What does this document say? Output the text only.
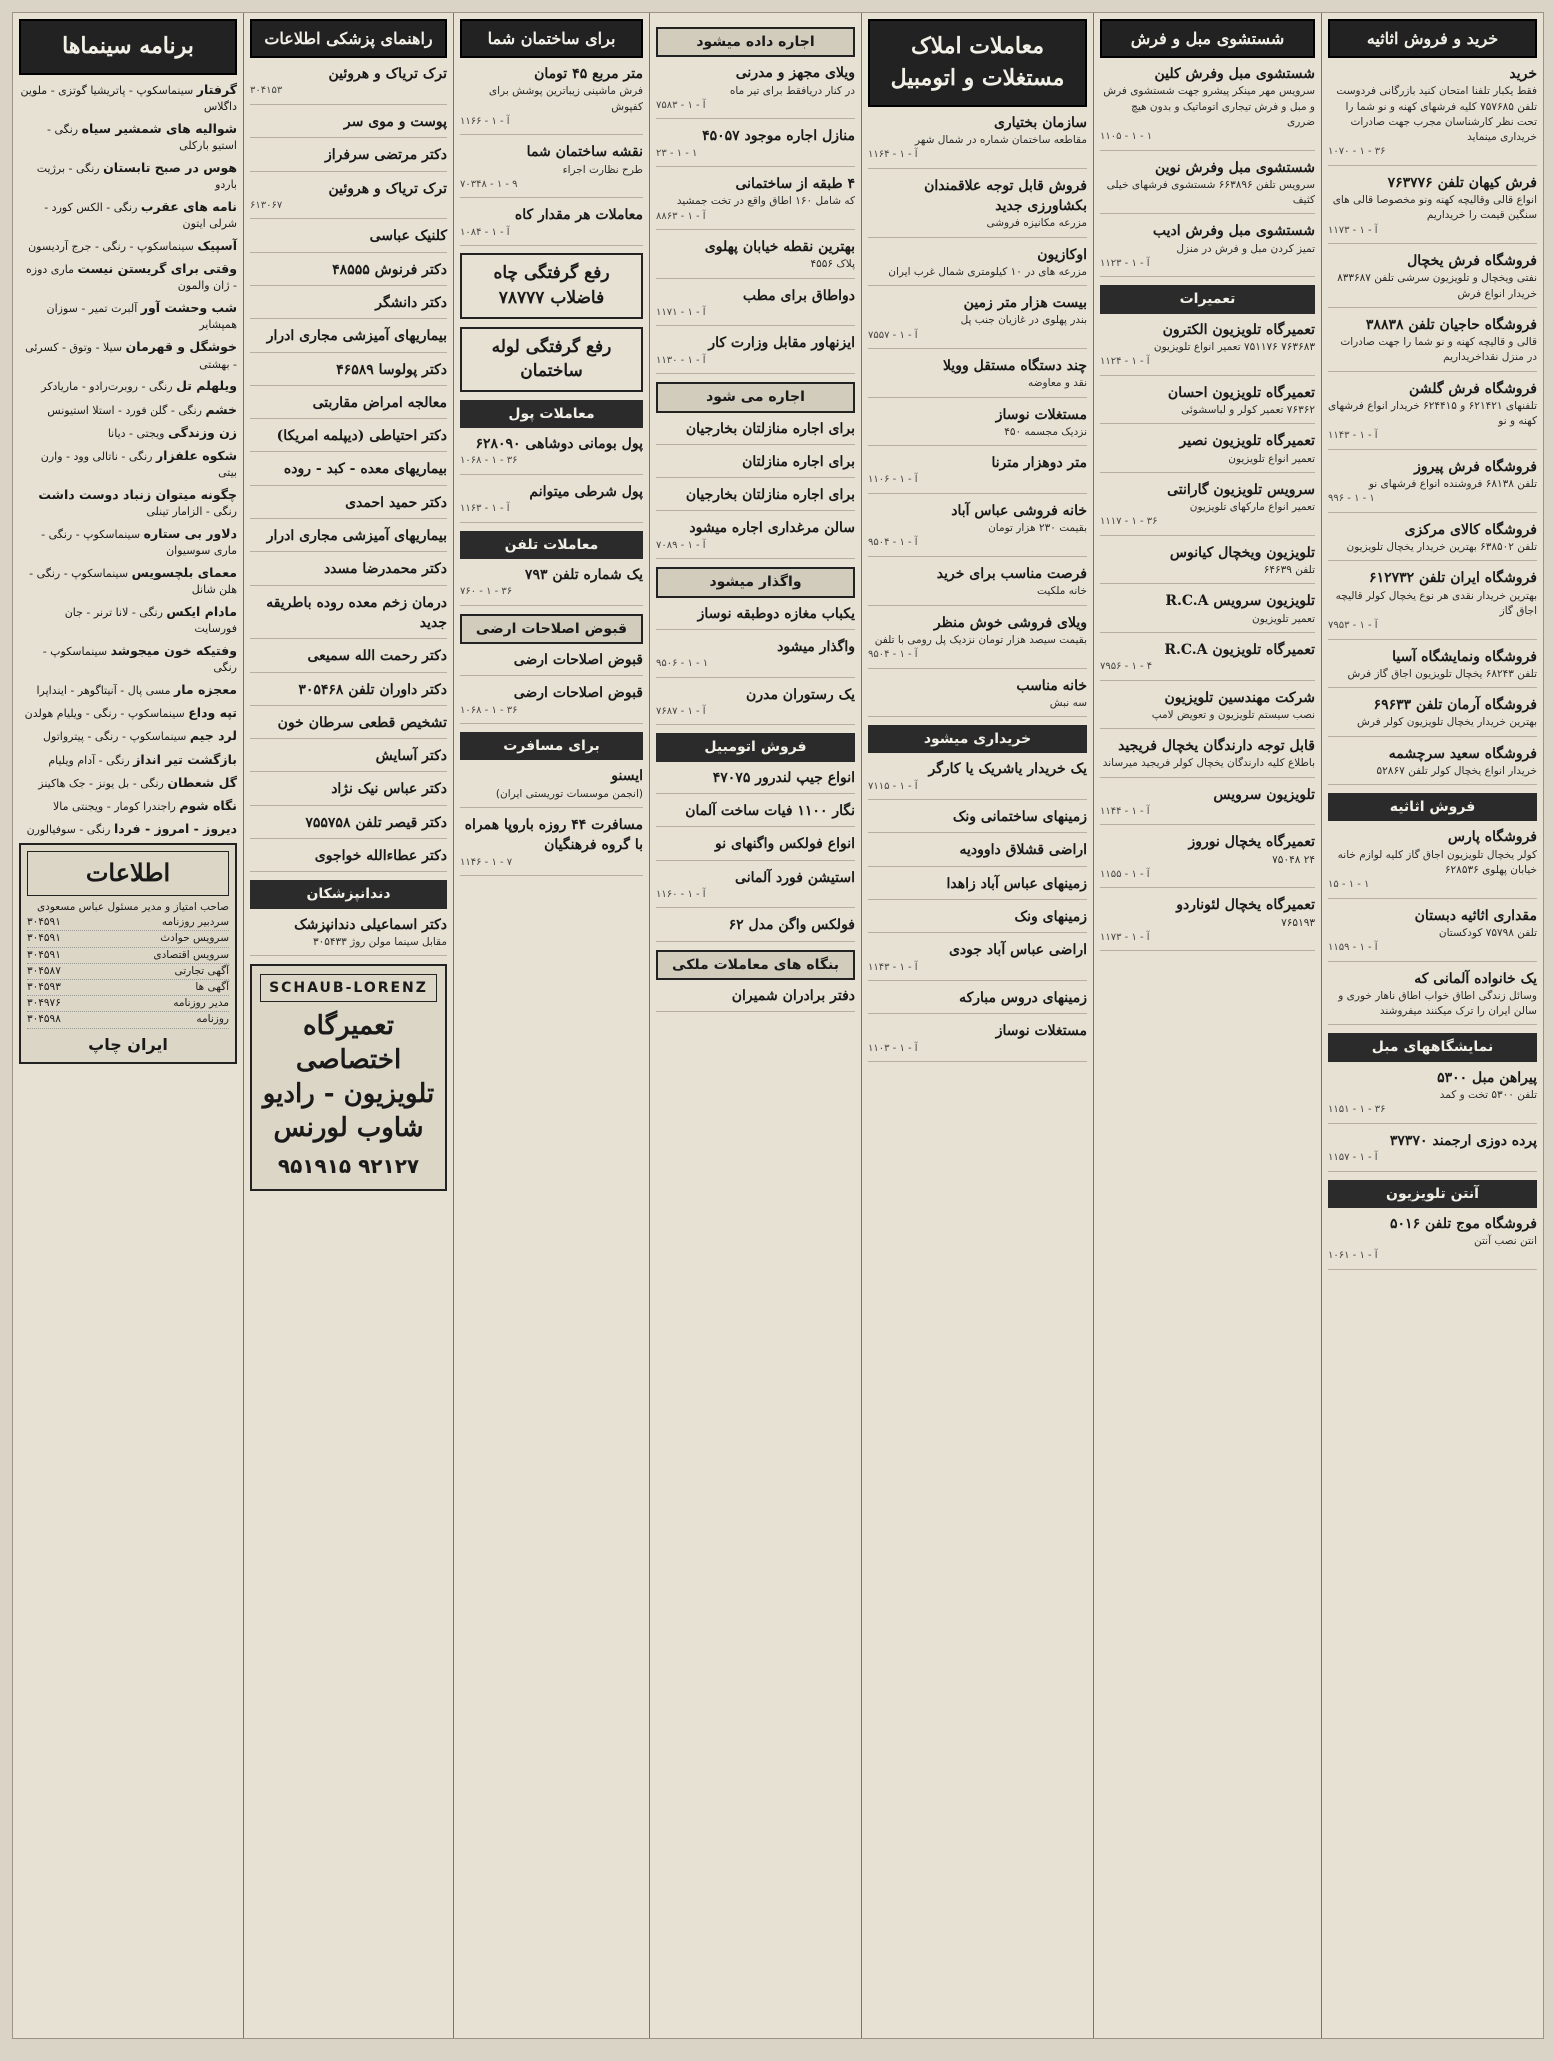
خرید و فروش اثاثیه
خرید
فقط یکبار تلفنا امتحان کنید بازرگانی فردوست تلفن ۷۵۷۶۸۵ کلیه فرشهای کهنه و نو شما را تحت نظر کارشناسان مجرب جهت صادرات خریداری مینماید
۱۰۷۰ - ۱ - ۳۶
فرش کیهان تلفن ۷۶۳۷۷۶
انواع قالی وقالیچه کهنه ونو مخصوصا قالی های سنگین قیمت را خریداریم
۱۱۷۳ - آ - ۱
فروشگاه فرش یخچال
نفتی ویخچال و تلویزیون سرشی تلفن ۸۳۳۶۸۷ خریدار انواع فرش
فروشگاه حاجیان تلفن ۳۸۸۳۸
قالی و قالیچه کهنه و نو شما را جهت صادرات در منزل نقداخریداریم
فروشگاه فرش گلشن
تلفنهای ۶۲۱۴۲۱ و ۶۲۴۴۱۵ خریدار انواع فرشهای کهنه و نو
۱۱۴۳ - آ - ۱
فروشگاه فرش پیروز
تلفن ۶۸۱۳۸ فروشنده انواع فرشهای نو
۹۹۶ - ۱ - ۱
فروشگاه کالای مرکزی
تلفن ۶۳۸۵۰۲ بهترین خریدار یخچال تلویزیون
فروشگاه ایران تلفن ۶۱۲۷۳۲
بهترین خریدار نقدی هر نوع یخچال کولر قالیچه اجاق گاز
۷۹۵۳ - آ - ۱
فروشگاه ونمایشگاه آسیا
تلفن ۶۸۲۴۳ یخچال تلویزیون اجاق گاز فرش
فروشگاه آرمان تلفن ۶۹۶۳۳
بهترین خریدار یخچال تلویزیون کولر فرش
فروشگاه سعید سرچشمه
خریدار انواع یخچال کولر تلفن ۵۲۸۶۷
فروش اثاثیه
فروشگاه پارس
کولر یخچال تلویزیون اجاق گاز کلیه لوازم خانه خیابان پهلوی ۶۲۸۵۳۶
۱۵ - ۱ - ۱
مقداری اثاثیه دبستان
تلفن ۷۵۷۹۸ کودکستان
۱۱۵۹ - آ - ۱
یک خانواده آلمانی که
وسائل زندگی اطاق خواب اطاق ناهار خوری و سالن ایران را ترک میکنند میفروشند
نمایشگاههای مبل
پیراهن مبل ۵۳۰۰
تلفن ۵۳۰۰ تخت و کمد
۱۱۵۱ - ۱ - ۳۶
پرده دوزی ارجمند ۳۷۳۷۰
۱۱۵۷ - آ - ۱
آنتن تلویزیون
فروشگاه موج تلفن ۵۰۱۶
انتن نصب آنتن
۱۰۶۱ - آ - ۱
شستشوی مبل و فرش
شستشوی مبل وفرش کلین
سرویس مهر مینکر پیشرو جهت شستشوی فرش و مبل و فرش تیجاری اتوماتیک و بدون هیچ ضرری
۱۱۰۵ - ۱ - ۱
شستشوی مبل وفرش نوین
سرویس تلفن ۶۶۳۸۹۶ شستشوی فرشهای خیلی کثیف
شستشوی مبل وفرش ادیب
تمیز کردن مبل و فرش در منزل
۱۱۲۳ - آ - ۱
تعمیرات
تعمیرگاه تلویزیون الکترون
۷۶۳۶۸۳ ۷۵۱۱۷۶ تعمیر انواع تلویزیون
۱۱۲۴ - آ - ۱
تعمیرگاه تلویزیون احسان
۷۶۳۶۲ تعمیر کولر و لباسشوئی
تعمیرگاه تلویزیون نصیر
تعمیر انواع تلویزیون
سرویس تلویزیون گارانتی
تعمیر انواع مارکهای تلویزیون
۱۱۱۷ - ۱ - ۳۶
تلویزیون ویخچال کیانوس
تلفن ۶۴۶۳۹
تلویزیون سرویس R.C.A
تعمیر تلویزیون
تعمیرگاه تلویزیون R.C.A
۷۹۵۶ - ۱ - ۴
شرکت مهندسین تلویزیون
نصب سیستم تلویزیون و تعویض لامپ
قابل توجه دارندگان یخچال فریجید
باطلاع کلیه دارندگان یخچال کولر فریجید میرساند
تلویزیون سرویس
۱۱۴۴ - آ - ۱
تعمیرگاه یخچال نوروز
۲۴ ۷۵۰۴۸
۱۱۵۵ - آ - ۱
تعمیرگاه یخچال لئوناردو
۷۶۵۱۹۳
۱۱۷۳ - آ - ۱
معاملات املاک مستغلات و اتومبیل
سازمان بختیاری
مقاطعه ساختمان شماره در شمال شهر
۱۱۶۴ - آ - ۱
فروش قابل توجه علاقمندان بکشاورزی جدید
مزرعه مکانیزه فروشی
اوکازیون
مزرعه های در ۱۰ کیلومتری شمال غرب ایران
بیست هزار متر زمین
بندر پهلوی در غازیان جنب پل
۷۵۵۷ - آ - ۱
چند دستگاه مستقل وویلا
نقد و معاوضه
مستغلات نوساز
نزدیک مجسمه ۴۵۰
متر دوهزار مترنا
۱۱۰۶ - آ - ۱
خانه فروشی عباس آباد
بقیمت ۲۳۰ هزار تومان
۹۵۰۴ - آ - ۱
فرصت مناسب برای خرید
خانه ملکیت
ویلای فروشی خوش منظر
بقیمت سیصد هزار تومان نزدیک پل رومی با تلفن
۹۵۰۴ - آ - ۱
خانه مناسب
سه نبش
خریداری میشود
یک خریدار یاشریک یا کارگر
۷۱۱۵ - آ - ۱
زمینهای ساختمانی ونک
اراضی قشلاق داوودیه
زمینهای عباس آباد زاهدا
زمینهای ونک
اراضی عباس آباد جودی
۱۱۴۳ - آ - ۱
زمینهای دروس مبارکه
مستغلات نوساز
۱۱۰۳ - آ - ۱
اجاره داده میشود
ویلای مجهز و مدرنی
در کنار دریافقط برای تیر ماه
۷۵۸۳ - آ - ۱
منازل اجاره موجود ۴۵۰۵۷
۲۳ - ۱ - ۱
۴ طبقه از ساختمانی
که شامل ۱۶۰ اطاق واقع در تخت جمشید
۸۸۶۳ - آ - ۱
بهترین نقطه خیابان پهلوی
پلاک ۴۵۵۶
دواطاق برای مطب
۱۱۷۱ - آ - ۱
ایزنهاور مقابل وزارت کار
۱۱۳۰ - آ - ۱
اجاره می شود
برای اجاره منازلتان بخارجیان
برای اجاره منازلتان
برای اجاره منازلتان بخارجیان
سالن مرغداری اجاره میشود
۷۰۸۹ - آ - ۱
واگذار میشود
یکباب مغازه دوطبقه نوساز
واگذار میشود
۹۵۰۶ - ۱ - ۱
یک رستوران مدرن
۷۶۸۷ - آ - ۱
فروش اتومبیل
انواع جیپ لندرور ۴۷۰۷۵
نگار ۱۱۰۰ فیات ساخت آلمان
انواع فولکس واگنهای نو
استیشن فورد آلمانی
۱۱۶۰ - آ - ۱
فولکس واگن مدل ۶۲
بنگاه های معاملات ملکی
دفتر برادران شمیران
برای ساختمان شما
متر مربع ۴۵ تومان
فرش ماشینی زیباترین پوشش برای کفپوش
۱۱۶۶ - آ - ۱
نقشه ساختمان شما
طرح نظارت اجراء
۷۰۳۴۸ - ۱ - ۹
معاملات هر مقدار کاه
۱۰۸۴ - آ - ۱
رفع گرفتگی چاه فاضلاب ۷۸۷۷۷
رفع گرفتگی لوله ساختمان
معاملات پول
پول بومانی دوشاهی ۶۲۸۰۹۰
۱۰۶۸ - ۱ - ۳۶
پول شرطی میتوانم
۱۱۶۳ - آ - ۱
معاملات تلفن
یک شماره تلفن ۷۹۳
۷۶۰ - ۱ - ۳۶
قبوض اصلاحات ارضی
قبوض اصلاحات ارضی
قبوض اصلاحات ارضی
۱۰۶۸ - ۱ - ۳۶
برای مسافرت
ایسنو
(انجمن موسسات توریستی ایران)
مسافرت ۴۴ روزه باروپا همراه با گروه فرهنگیان
۱۱۴۶ - ۱ - ۷
راهنمای پزشکی اطلاعات
ترک تریاک و هروئین
۳۰۴۱۵۳
پوست و موی سر
دکتر مرتضی سرفراز
ترک تریاک و هروئین
۶۱۳۰۶۷
کلنیک عباسی
دکتر فرنوش ۴۸۵۵۵
دکتر دانشگر
بیماریهای آمیزشی مجاری ادرار
دکتر پولوسا ۴۶۵۸۹
معالجه امراض مقاربتی
دکتر احتیاطی (دیپلمه امریکا)
بیماریهای معده - کبد - روده
دکتر حمید احمدی
بیماریهای آمیزشی مجاری ادرار
دکتر محمدرضا مسدد
درمان زخم معده روده باطریقه جدید
دکتر رحمت الله سمیعی
دکتر داوران تلفن ۳۰۵۴۶۸
تشخیص قطعی سرطان خون
دکتر آسایش
دکتر عباس نیک نژاد
دکتر قیصر تلفن ۷۵۵۷۵۸
دکتر عطاءالله خواجوی
دندانپزشکان
دکتر اسماعیلی دندانپزشک
مقابل سینما مولن روژ ۳۰۵۴۳۳
SCHAUB-LORENZ
تعمیرگاه اختصاصی تلویزیون - رادیو شاوب لورنس
۹۲۱۲۷ ۹۵۱۹۱۵
برنامه سینماها
گرفتار سینماسکوپ - پاتریشیا گوتزی - ملوین داگلاس
شوالیه های شمشیر سیاه رنگی - استیو بارکلی
هوس در صبح تابستان رنگی - برژیت باردو
نامه های عقرب رنگی - الکس کورد - شرلی ایتون
آسپیک سینماسکوپ - رنگی - جرج آردیسون
وقتی برای گریستن نیست ماری دوزه - ژان والمون
شب وحشت آور آلبرت تمیر - سوزان همپشایر
خوشگل و قهرمان سیلا - وتوق - کسرئی - بهشتی
ویلهلم تل رنگی - روبرت‌رادو - ماریادکر
خشم رنگی - گلن فورد - استلا استیونس
زن وزندگی ویجتی - دیانا
شکوه علفزار رنگی - ناتالی وود - وارن بیتی
چگونه میتوان زنباد دوست داشت رنگی - الزامار تینلی
دلاور بی ستاره سینماسکوپ - رنگی - ماری سوسیوان
معمای بلچسویس سینماسکوپ - رنگی - هلن شانل
مادام ایکس رنگی - لانا ترنر - جان فورسایت
وفتیکه خون میجوشد سینماسکوپ - رنگی
معجزه مار مسی پال - آنیتاگوهر - اینداپرا
تپه وداع سینماسکوپ - رنگی - ویلیام هولدن
لرد جیم سینماسکوپ - رنگی - پیترواتول
بازگشت تیر انداز رنگی - آدام ویلیام
گل شعطان رنگی - بل یونز - جک هاکینز
نگاه شوم راجندرا کومار - ویجنتی مالا
دیروز - امروز - فردا رنگی - سوفیالورن
اطلاعات
صاحب امتیاز و مدیر مسئول عباس مسعودی
سردبیر روزنامه
۳۰۴۵۹۱
سرویس حوادث
۳۰۴۵۹۱
سرویس اقتصادی
۳۰۴۵۹۱
آگهی تجارتی
۳۰۴۵۸۷
آگهی ها
۳۰۴۵۹۳
مدیر روزنامه
۳۰۴۹۷۶
روزنامه
۳۰۴۵۹۸
ایران چاپ
